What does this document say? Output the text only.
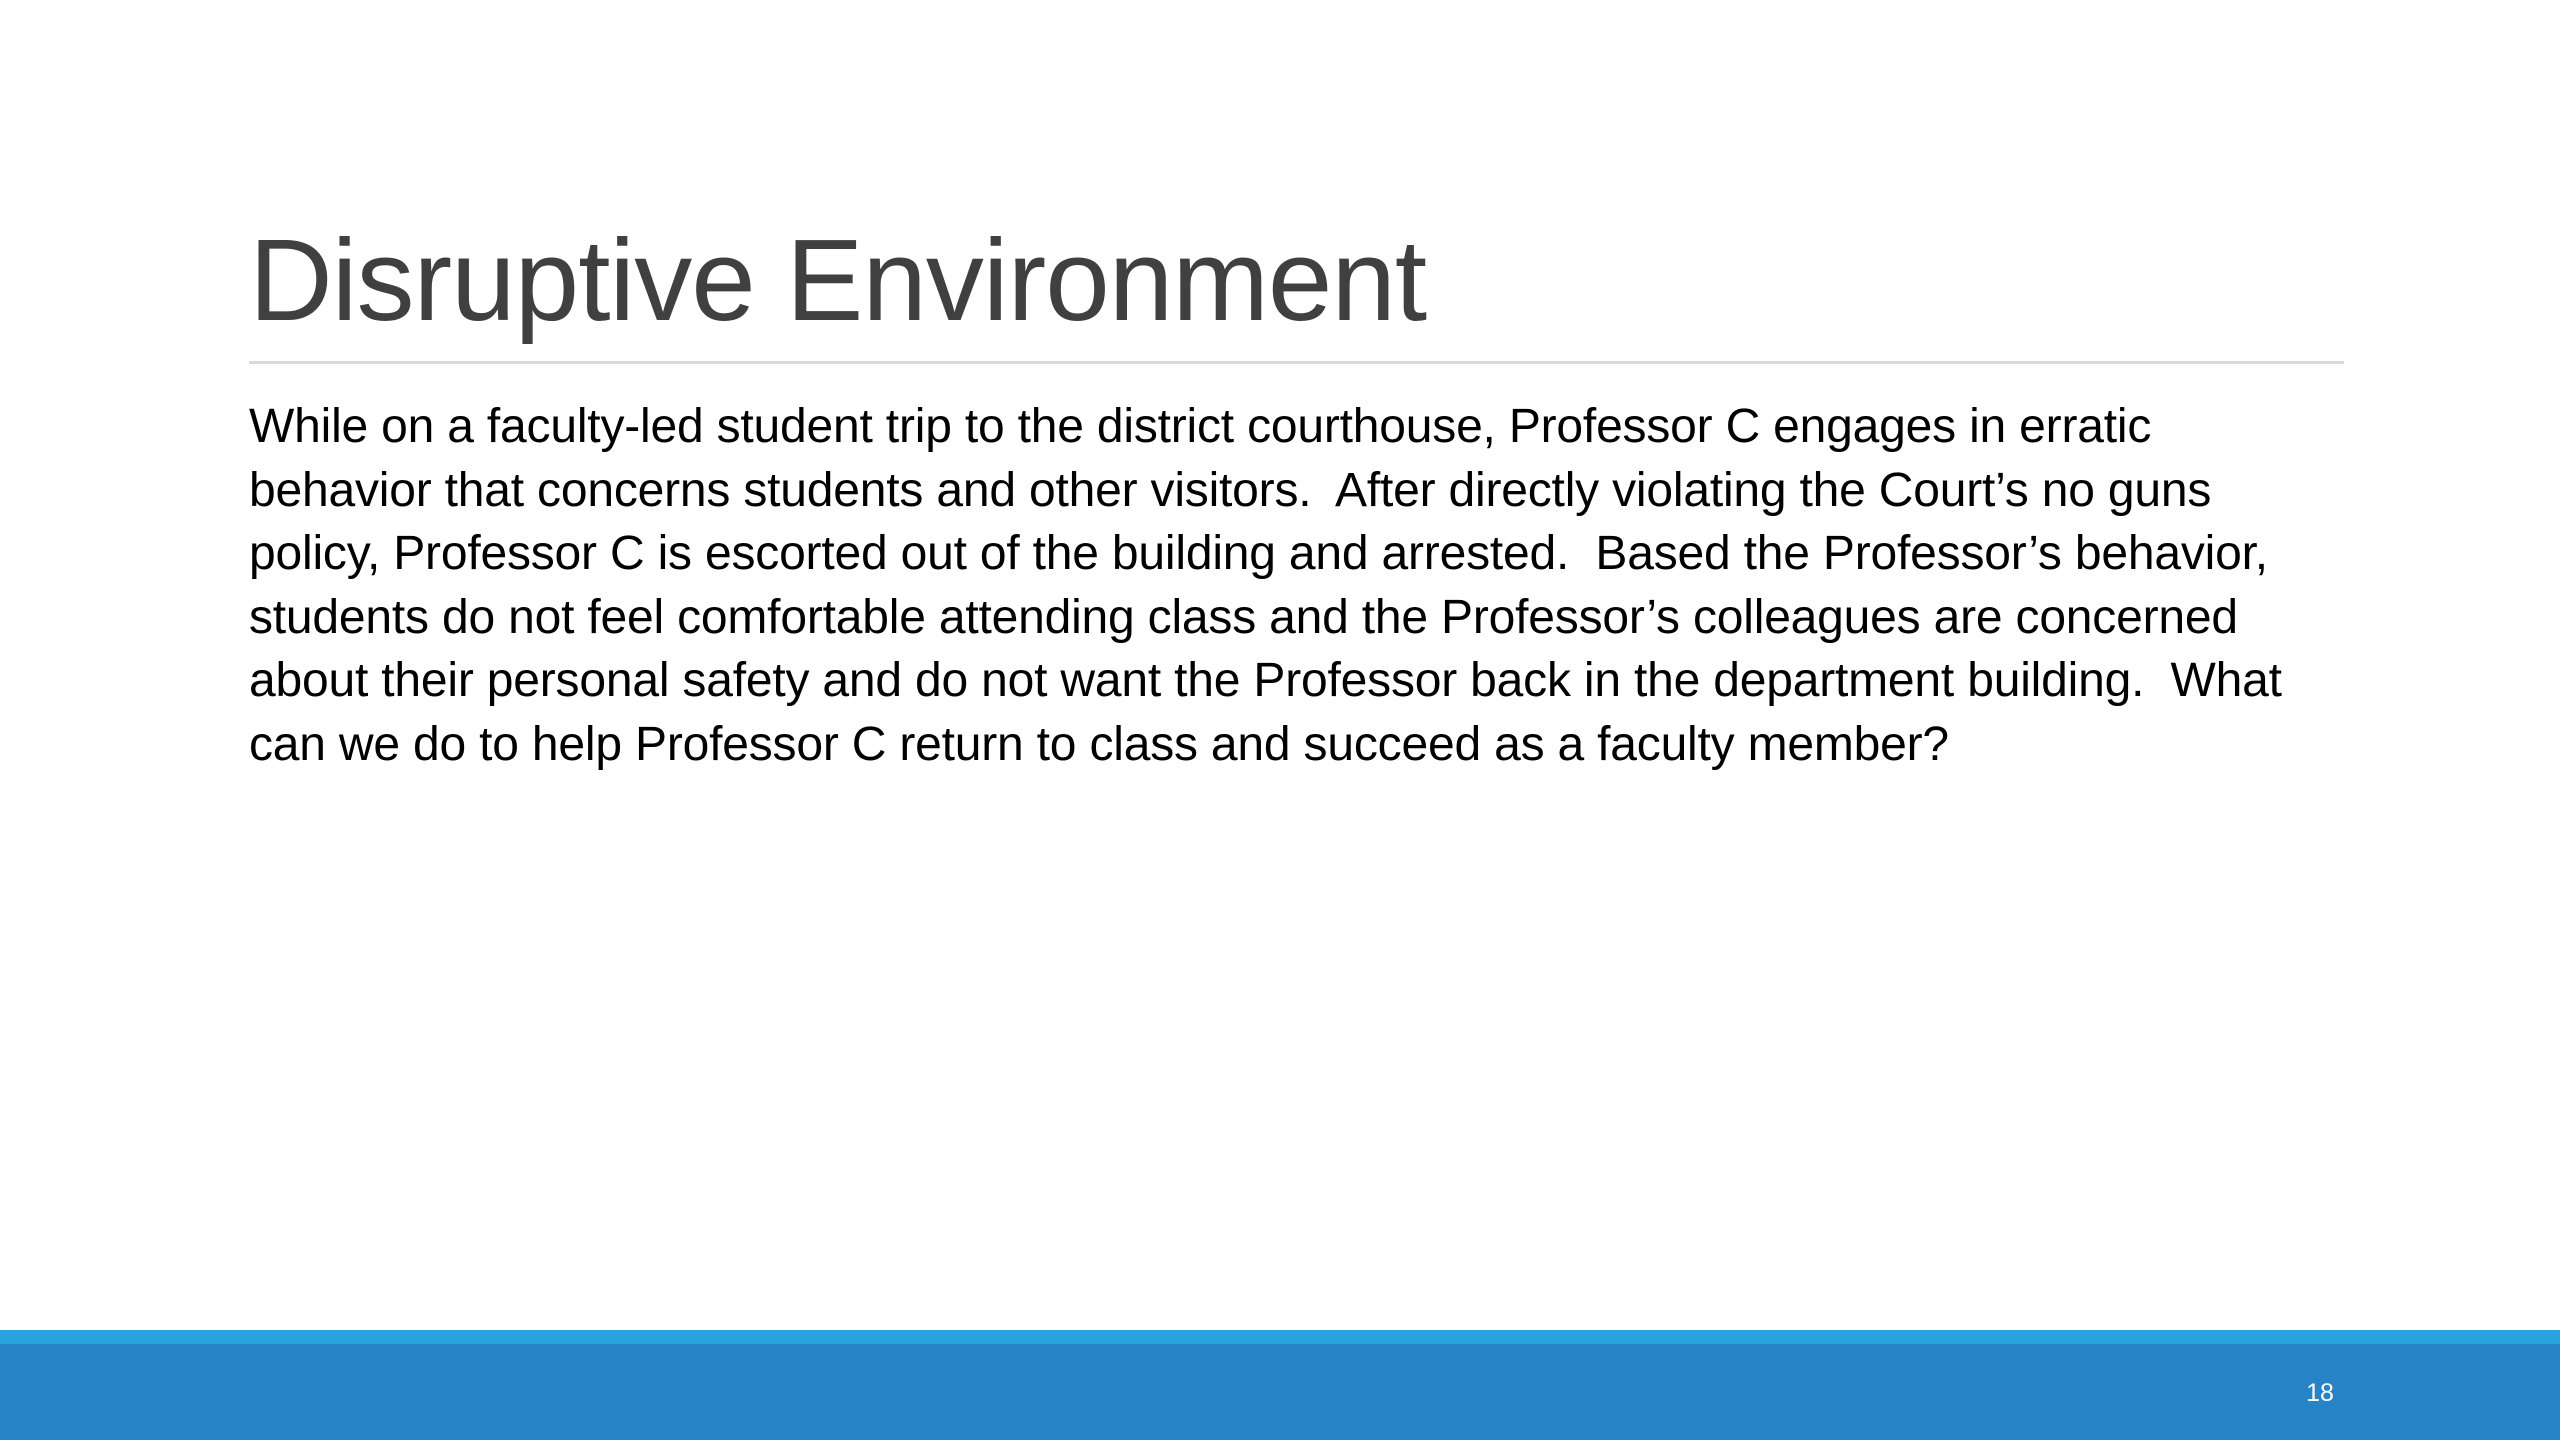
Disruptive Environment

While on a faculty-led student trip to the district courthouse, Professor C engages in erratic behavior that concerns students and other visitors.  After directly violating the Court’s no guns policy, Professor C is escorted out of the building and arrested.  Based the Professor’s behavior, students do not feel comfortable attending class and the Professor’s colleagues are concerned about their personal safety and do not want the Professor back in the department building.  What can we do to help Professor C return to class and succeed as a faculty member?

18
